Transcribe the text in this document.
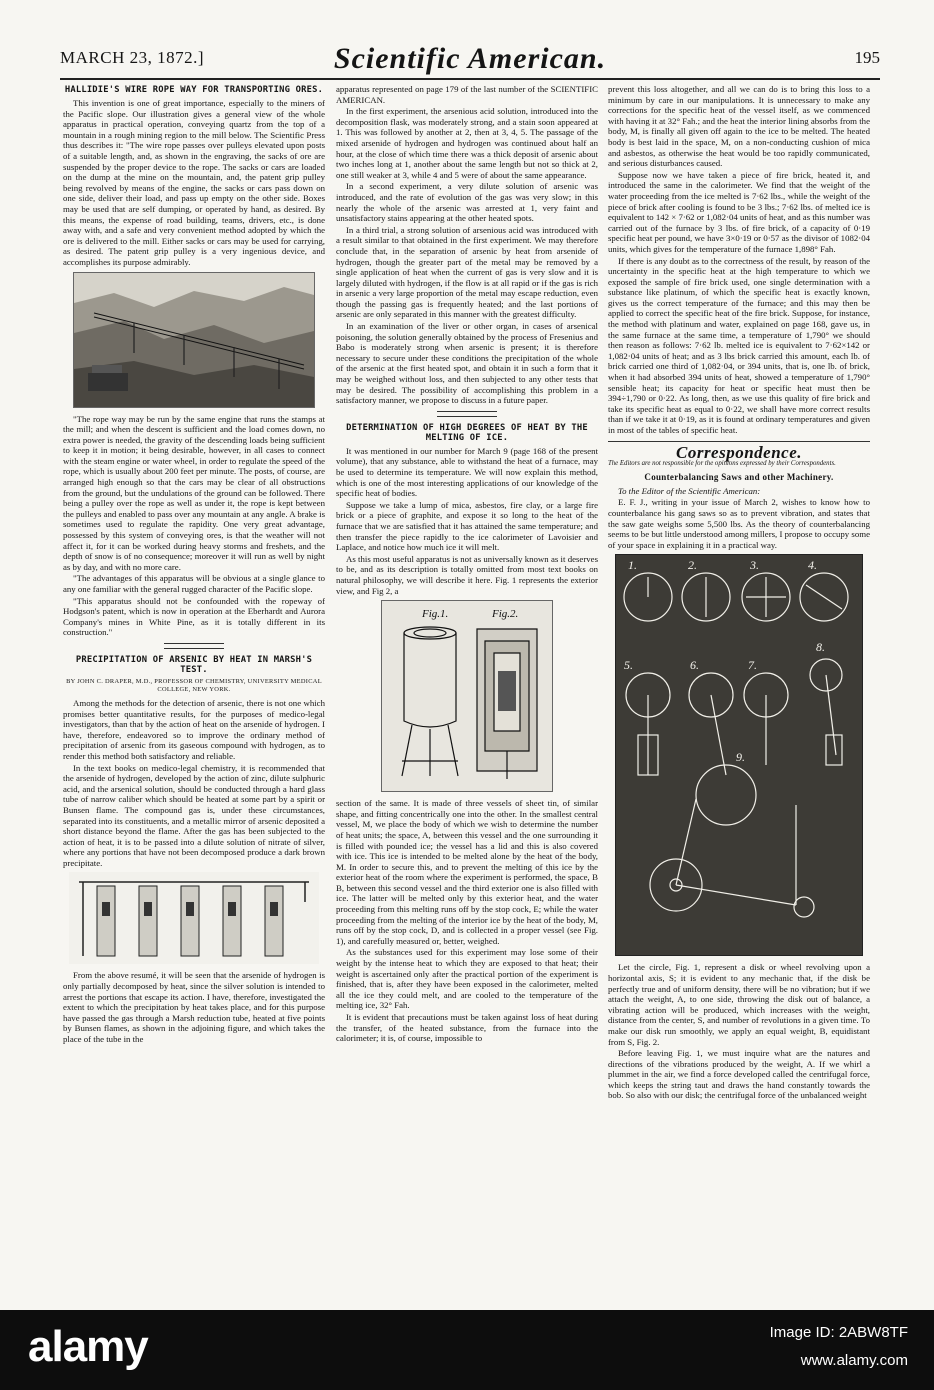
MARCH 23, 1872.]	Scientific American.	195
HALLIDIE'S WIRE ROPE WAY FOR TRANSPORTING ORES.

This invention is one of great importance, especially to the miners of the Pacific slope. Our illustration gives a general view of the whole apparatus in practical operation, conveying quartz from the top of a mountain in a rough mining region to the mill below. The Scientific Press thus describes it: "The wire rope passes over pulleys elevated upon posts of a suitable length, and, as shown in the engraving, the sacks of ore are suspended by the proper device to the rope. The sacks or cars are loaded on the dump at the mine on the mountain, and, the patent grip pulley being revolved by means of the engine, the sacks or cars pass down on one side, deliver their load, and pass up empty on the other side. Boxes may be used that are self dumping, or operated by hand, as desired. By this means, the expense of road building, teams, drivers, etc., is done away with, and a safe and very convenient method adopted by which the ore is delivered to the mill. Either sacks or cars may be used for carrying, as desired. The patent grip pulley is a very ingenious device, and accomplishes its purpose admirably.

"The rope way may be run by the same engine that runs the stamps at the mill; and when the descent is sufficient and the load comes down, no extra power is needed, the gravity of the descending loads being sufficient to keep it in motion; it being desirable, however, in all cases to connect with the steam engine or water wheel, in order to regulate the speed of the rope, which is usually about 200 feet per minute. The posts, of course, are arranged high enough so that the cars may be clear of all obstructions from the ground, but the undulations of the ground can be followed. There being a pulley over the rope as well as under it, the rope is kept between the pulleys and enabled to pass over any mountain at any angle. A brake is sometimes used to regulate the rapidity. One very great advantage, possessed by this system of conveying ores, is that the weather will not affect it, for it can be worked during heavy storms and freshets, and the depth of snow is of no consequence; moreover it will run as well by night as by day, and with no more care.

"The advantages of this apparatus will be obvious at a single glance to any one familiar with the general rugged character of the Pacific slope.

"This apparatus should not be confounded with the ropeway of Hodgson's patent, which is now in operation at the Eberhardt and Aurora Company's mines in White Pine, as it is totally different in its construction."

PRECIPITATION OF ARSENIC BY HEAT IN MARSH'S TEST.
BY JOHN C. DRAPER, M.D., PROFESSOR OF CHEMISTRY, UNIVERSITY MEDICAL COLLEGE, NEW YORK.

Among the methods for the detection of arsenic, there is not one which promises better quantitative results, for the purposes of medico-legal investigators, than that by the action of heat on the arsenide of hydrogen. I have, therefore, endeavored so to improve the ordinary method of precipitation of arsenic from its gaseous compound with hydrogen, as to render this method both satisfactory and reliable.

In the text books on medico-legal chemistry, it is recommended that the arsenide of hydrogen, developed by the action of zinc, dilute sulphuric acid, and the arsenical solution, should be conducted through a hard glass tube of narrow caliber which should be heated at some part by a spirit or Bunsen flame. The compound gas is, under these circumstances, separated into its constituents, and a metallic mirror of arsenic deposited a short distance beyond the flame. After the gas has been subjected to the action of heat, it is to be passed into a dilute solution of nitrate of silver, where any portions that have not been decomposed produce a dark brown precipitate.

From the above resumé, it will be seen that the arsenide of hydrogen is only partially decomposed by heat, since the silver solution is intended to arrest the portions that escape its action. I have, therefore, investigated the extent to which the precipitation by heat takes place, and for this purpose have passed the gas through a Marsh reduction tube, heated at five points by Bunsen flames, as shown in the adjoining figure, and which takes the place of the tube in the

apparatus represented on page 179 of the last number of the SCIENTIFIC AMERICAN.

In the first experiment, the arsenious acid solution, introduced into the decomposition flask, was moderately strong, and a stain soon appeared at 1. This was followed by another at 2, then at 3, 4, 5. The passage of the mixed arsenide of hydrogen and hydrogen was continued about half an hour, at the close of which time there was a thick deposit of arsenic about two inches long at 1, another about the same length but not so thick at 2, one still weaker at 3, while 4 and 5 were of about the same appearance.

In a second experiment, a very dilute solution of arsenic was introduced, and the rate of evolution of the gas was very slow; in this nearly the whole of the arsenic was arrested at 1, very faint and unsatisfactory stains appearing at the other heated spots.

In a third trial, a strong solution of arsenious acid was introduced with a result similar to that obtained in the first experiment. We may therefore conclude that, in the separation of arsenic by heat from arsenide of hydrogen, though the greater part of the metal may be removed by a single application of heat when the current of gas is very slow and it is largely diluted with hydrogen, if the flow is at all rapid or if the gas is rich in arsenic a very large proportion of the metal may escape reduction, even though the passing gas is frequently heated; and the last portions of arsenic are only separated in this manner with the greatest difficulty.

In an examination of the liver or other organ, in cases of arsenical poisoning, the solution generally obtained by the process of Fresenius and Babo is moderately strong when arsenic is present; it is therefore necessary to secure under these conditions the precipitation of the whole of the arsenic at the first heated spot, and obtain it in such a form that it may be weighed without loss, and then subjected to any other tests that may be desired. The possibility of accomplishing this problem in a satisfactory manner, we propose to discuss in a future paper.

DETERMINATION OF HIGH DEGREES OF HEAT BY THE MELTING OF ICE.

It was mentioned in our number for March 9 (page 168 of the present volume), that any substance, able to withstand the heat of a furnace, may be used to determine its temperature. We will now explain this method, which is one of the most interesting applications of our knowledge of the specific heat of bodies.

Suppose we take a lump of mica, asbestos, fire clay, or a large fire brick or a piece of graphite, and expose it so long to the heat of the furnace that we are satisfied that it has attained the same temperature; and then transfer the piece rapidly to the ice calorimeter of Lavoisier and Laplace, and notice how much ice it will melt.

As this most useful apparatus is not as universally known as it deserves to be, and as its description is totally omitted from most text books on natural philosophy, we will describe it here. Fig. 1 represents the exterior view, and Fig 2, a

Fig.1.	Fig.2.

section of the same. It is made of three vessels of sheet tin, of similar shape, and fitting concentrically one into the other. In the smallest central vessel, M, we place the body of which we wish to determine the number of heat units; the space, A, between this vessel and the one surrounding it is filled with pounded ice; the vessel has a lid and this is also covered with ice. This ice is intended to be melted alone by the heat of the body, M. In order to secure this, and to prevent the melting of this ice by the exterior heat of the room where the experiment is performed, the space, B B, between this second vessel and the third exterior one is also filled with ice. The latter will be melted only by this exterior heat, and the water proceeding from this melting runs off by the stop cock, E; while the water proceeding from the melting of the interior ice by the heat of the body, M, runs off by the stop cock, D, and is collected in a proper vessel (see Fig. 1), and carefully measured or, better, weighed.

As the substances used for this experiment may lose some of their weight by the intense heat to which they are exposed to that heat; their weight is ascertained only after the practical portion of the experiment is finished, that is, after they have been exposed in the calorimeter, melted all the ice they could melt, and are cooled to the temperature of the melting ice, 32° Fah.

It is evident that precautions must be taken against loss of heat during the transfer, of the heated substance, from the furnace into the calorimeter; it is, of course, impossible to

prevent this loss altogether, and all we can do is to bring this loss to a minimum by care in our manipulations. It is unnecessary to make any corrections for the specific heat of the vessel itself, as we commenced with having it at 32° Fah.; and the heat the interior lining absorbs from the body, M, is finally all given off again to the ice to be melted. The heated body is best laid in the space, M, on a non-conducting cushion of mica and asbestos, as otherwise the heat would be too rapidly communicated, and serious disturbances caused.

Suppose now we have taken a piece of fire brick, heated it, and introduced the same in the calorimeter. We find that the weight of the water proceeding from the ice melted is 7·62 lbs., while the weight of the piece of brick after cooling is found to be 3 lbs.; 7·62 lbs. of melted ice is equivalent to 142 × 7·62 or 1,082·04 units of heat, and as this number was carried out of the furnace by 3 lbs. of fire brick, of a capacity of 0·19 specific heat per pound, we have 3×0·19 or 0·57 as the divisor of 1082·04 units, which gives for the temperature of the furnace 1,898° Fah.

If there is any doubt as to the correctness of the result, by reason of the uncertainty in the specific heat at the high temperature to which we exposed the sample of fire brick used, one single determination with a substance like platinum, of which the specific heat is exactly known, gives us the correct temperature of the furnace; and this may then be applied to correct the specific heat of the fire brick. Suppose, for instance, the method with platinum and water, explained on page 168, gave us, in the same furnace at the same time, a temperature of 1,790° we should then reason as follows: 7·62 lb. melted ice is equivalent to 7·62×142 or 1,082·04 units of heat; and as 3 lbs brick carried this amount, each lb. of brick carried one third of 1,082·04, or 394 units, that is, one lb. of brick, when it had absorbed 394 units of heat, showed a temperature of 1,790° sensible heat; its capacity for heat or specific heat must then be 394÷1,790 or 0·22. As long, then, as we use this quality of fire brick and take its specific heat as equal to 0·22, we shall have more correct results than if we take it at 0·19, as it is found at ordinary temperatures and given in most of the tables of specific heat.

Correspondence.
The Editors are not responsible for the opinions expressed by their Correspondents.
Counterbalancing Saws and other Machinery.

To the Editor of the Scientific American:

E. F. J., writing in your issue of March 2, wishes to know how to counterbalance his gang saws so as to prevent vibration, and states that the saw gate weighs some 5,500 lbs. As the theory of counterbalancing seems to be but little understood among millers, I propose to occupy some of your space in explaining it in a practical way.

1.	2.	3.	4.
5.	6.	7.
8.
9.

Let the circle, Fig. 1, represent a disk or wheel revolving upon a horizontal axis, S; it is evident to any mechanic that, if the disk be perfectly true and of uniform density, there will be no vibration; but if we attach the weight, A, to one side, throwing the disk out of balance, a vibrating action will be produced, which increases with the weight, distance from the center, S, and number of revolutions in a given time. To make our disk run smoothly, we apply an equal weight, B, equidistant from S, Fig. 2.

Before leaving Fig. 1, we must inquire what are the natures and directions of the vibrations produced by the weight, A. If we whirl a plummet in the air, we find a force developed called the centrifugal force, which keeps the string taut and draws the hand constantly towards the bob. So also with our disk; the centrifugal force of the unbalanced weight

alamy	Image ID: 2ABW8TF
www.alamy.com
